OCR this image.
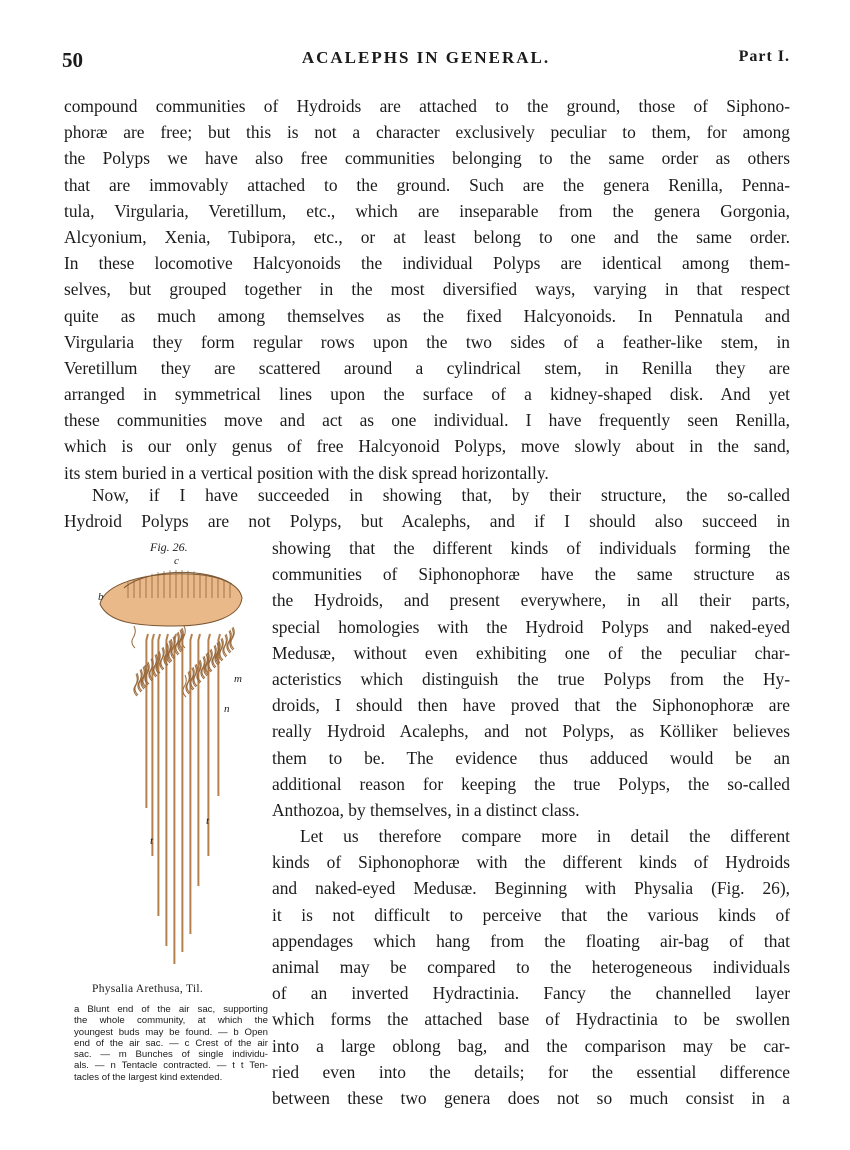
50	ACALEPHS IN GENERAL.	Part I.
compound communities of Hydroids are attached to the ground, those of Siphono-
phoræ are free; but this is not a character exclusively peculiar to them, for among
the Polyps we have also free communities belonging to the same order as others
that are immovably attached to the ground. Such are the genera Renilla, Penna-
tula, Virgularia, Veretillum, etc., which are inseparable from the genera Gorgonia,
Alcyonium, Xenia, Tubipora, etc., or at least belong to one and the same order.
In these locomotive Halcyonoids the individual Polyps are identical among them-
selves, but grouped together in the most diversified ways, varying in that respect
quite as much among themselves as the fixed Halcyonoids. In Pennatula and
Virgularia they form regular rows upon the two sides of a feather-like stem, in
Veretillum they are scattered around a cylindrical stem, in Renilla they are
arranged in symmetrical lines upon the surface of a kidney-shaped disk. And yet
these communities move and act as one individual. I have frequently seen Renilla,
which is our only genus of free Halcyonoid Polyps, move slowly about in the sand,
its stem buried in a vertical position with the disk spread horizontally.
Now, if I have succeeded in showing that, by their structure, the so-called
Hydroid Polyps are not Polyps, but Acalephs, and if I should also succeed in
showing that the different kinds of individuals forming the
communities of Siphonophoræ have the same structure as
the Hydroids, and present everywhere, in all their parts,
special homologies with the Hydroid Polyps and naked-eyed
Medusæ, without even exhibiting one of the peculiar char-
acteristics which distinguish the true Polyps from the Hy-
droids, I should then have proved that the Siphonophoræ are
really Hydroid Acalephs, and not Polyps, as Kölliker believes
them to be. The evidence thus adduced would be an
additional reason for keeping the true Polyps, the so-called
Anthozoa, by themselves, in a distinct class.
Let us therefore compare more in detail the different
kinds of Siphonophoræ with the different kinds of Hydroids
and naked-eyed Medusæ. Beginning with Physalia (Fig. 26),
it is not difficult to perceive that the various kinds of
appendages which hang from the floating air-bag of that
animal may be compared to the heterogeneous individuals
of an inverted Hydractinia. Fancy the channelled layer
which forms the attached base of Hydractinia to be swollen
into a large oblong bag, and the comparison may be car-
ried even into the details; for the essential difference
between these two genera does not so much consist in a
Fig. 26.
c
b
m
n
t
t
Physalia Arethusa, Til.
a Blunt end of the air sac, supporting
the whole community, at which the
youngest buds may be found. — b Open
end of the air sac. — c Crest of the air
sac. — m Bunches of single individu-
als. — n Tentacle contracted. — t t Ten-
tacles of the largest kind extended.
